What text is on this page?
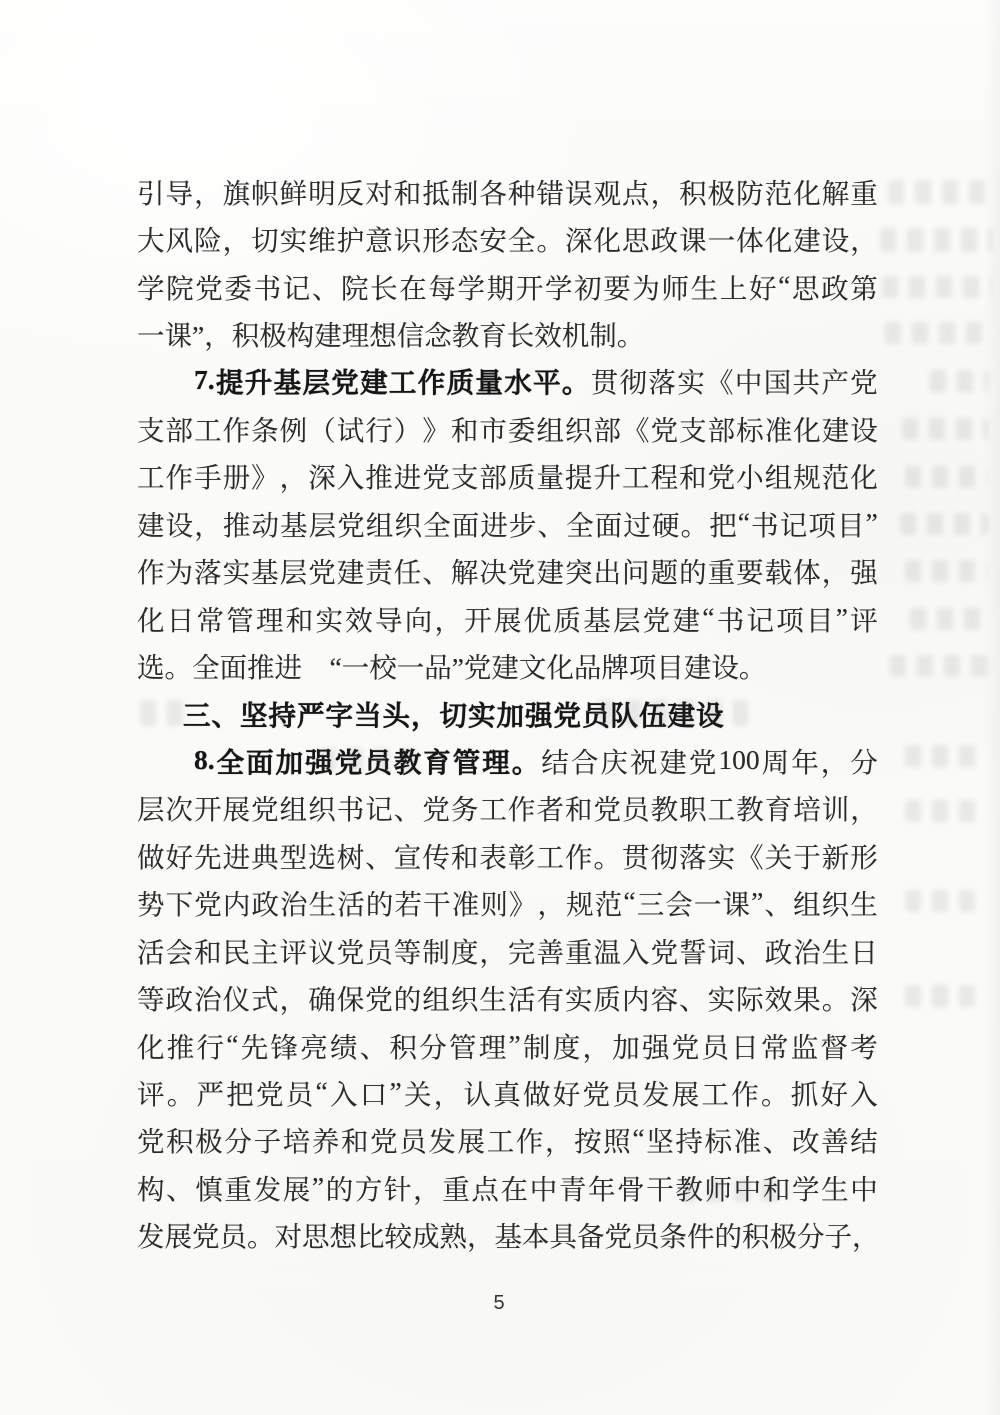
引 导 ， 旗 帜 鲜 明 反 对 和 抵 制 各 种 错 误 观 点 ， 积 极 防 范 化 解 重
大 风 险 ， 切 实 维 护 意 识 形 态 安 全 。 深 化 思 政 课 一 体 化 建 设 ，
学 院 党 委 书 记 、 院 长 在 每 学 期 开 学 初 要 为 师 生 上 好 “ 思 政 第
一课”，积极构建理想信念教育长效机制。
7. 提 升 基 层 党 建 工 作 质 量 水 平 。 贯 彻 落 实 《 中 国 共 产 党
支 部 工 作 条 例 （ 试 行 ） 》 和 市 委 组 织 部 《 党 支 部 标 准 化 建 设
工 作 手 册 》 ， 深 入 推 进 党 支 部 质 量 提 升 工 程 和 党 小 组 规 范 化
建 设 ， 推 动 基 层 党 组 织 全 面 进 步 、 全 面 过 硬 。 把 “ 书 记 项 目 ”
作 为 落 实 基 层 党 建 责 任 、 解 决 党 建 突 出 问 题 的 重 要 载 体 ， 强
化 日 常 管 理 和 实 效 导 向 ， 开 展 优 质 基 层 党 建 “ 书 记 项 目 ” 评
选。全面推进　“一校一品”党建文化品牌项目建设。
三、坚持严字当头，切实加强党员队伍建设
8. 全 面 加 强 党 员 教 育 管 理 。 结 合 庆 祝 建 党 100 周 年 ， 分
层 次 开 展 党 组 织 书 记 、 党 务 工 作 者 和 党 员 教 职 工 教 育 培 训 ，
做 好 先 进 典 型 选 树 、 宣 传 和 表 彰 工 作 。 贯 彻 落 实 《 关 于 新 形
势 下 党 内 政 治 生 活 的 若 干 准 则 》 ， 规 范 “ 三 会 一 课 ” 、 组 织 生
活 会 和 民 主 评 议 党 员 等 制 度 ， 完 善 重 温 入 党 誓 词 、 政 治 生 日
等 政 治 仪 式 ， 确 保 党 的 组 织 生 活 有 实 质 内 容 、 实 际 效 果 。 深
化 推 行 “ 先 锋 亮 绩 、 积 分 管 理 ” 制 度 ， 加 强 党 员 日 常 监 督 考
评 。 严 把 党 员 “ 入 口 ” 关 ， 认 真 做 好 党 员 发 展 工 作 。 抓 好 入
党 积 极 分 子 培 养 和 党 员 发 展 工 作 ， 按 照 “ 坚 持 标 准 、 改 善 结
构 、 慎 重 发 展 ” 的 方 针 ， 重 点 在 中 青 年 骨 干 教 师 中 和 学 生 中
发 展 党 员 。 对 思 想 比 较 成 熟 ， 基 本 具 备 党 员 条 件 的 积 极 分 子 ，
5
